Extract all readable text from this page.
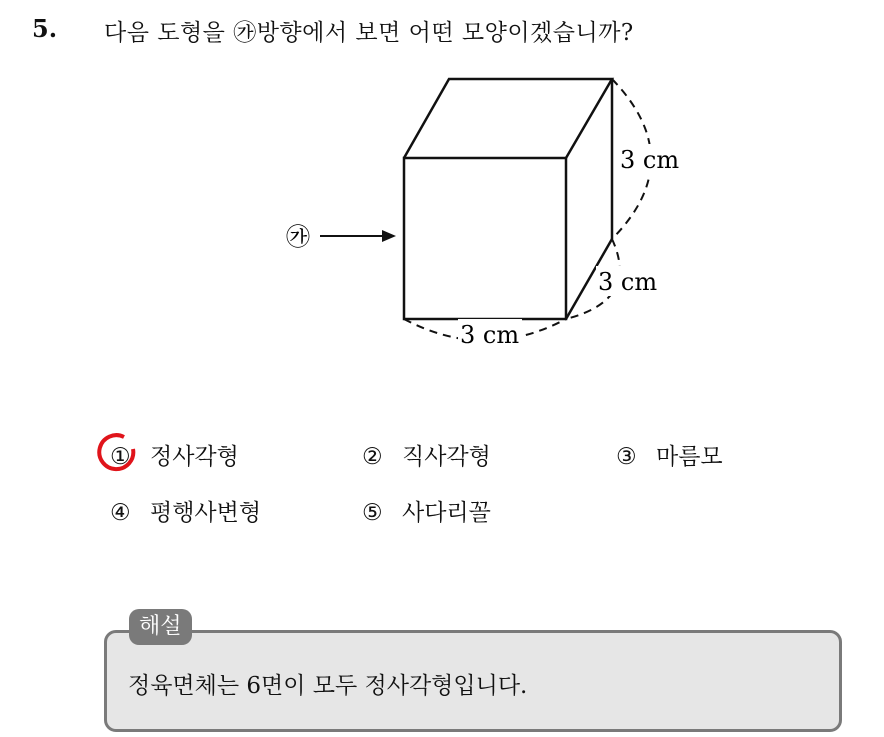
5. 다음 도형을 ㉮방향에서 보면 어떤 모양이겠습니까?
㉮
3 cm
3 cm
3 cm
① 정사각형	② 직사각형	③ 마름모
④ 평행사변형	⑤ 사다리꼴
해설
정육면체는 6면이 모두 정사각형입니다.
